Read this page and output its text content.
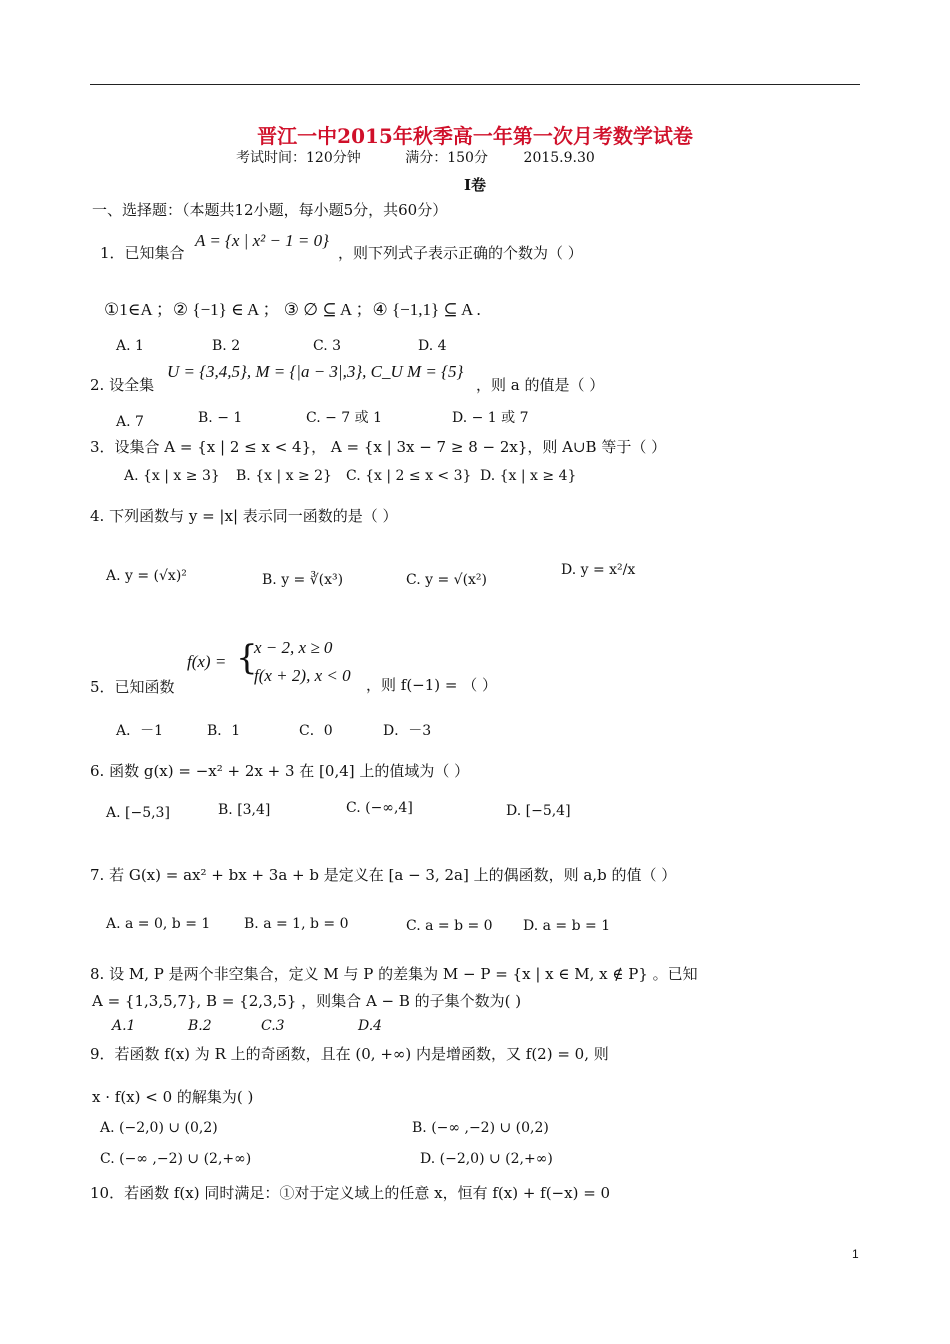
晋江一中2015年秋季高一年第一次月考数学试卷
考试时间：120分钟          满分：150分        2015.9.30
I卷
一、选择题：（本题共12小题，每小题5分，共60分）
1．已知集合
A = {x | x² − 1 = 0}
，则下列式子表示正确的个数为（ ）
①1∈A ；② {−1} ∈ A ； ③ ∅ ⊆ A ；④ {−1,1} ⊆ A .
A. 1	B. 2	C. 3	D. 4
2. 设全集
U = {3,4,5}, M = {|a − 3|,3}, C_U M = {5}
，则 a 的值是（ ）
A. 7	B. − 1	C. − 7 或 1	D. − 1 或 7
3．设集合 A = {x | 2 ≤ x < 4}， A = {x | 3x − 7 ≥ 8 − 2x}，则 A∪B 等于（ ）
A. {x | x ≥ 3} B. {x | x ≥ 2} C. {x | 2 ≤ x < 3} D. {x | x ≥ 4}
4. 下列函数与 y = |x| 表示同一函数的是（ ）
A. y = (√x)²	B. y = ∛(x³)	C. y = √(x²)
D. y = x²/x
5．已知函数
f(x) = {
x − 2, x ≥ 0
f(x + 2), x < 0 ，则 f(−1) = （ ）
A．－1	B．1	C．0	D．－3
6. 函数 g(x) = −x² + 2x + 3 在 [0,4] 上的值域为（ ）
A. [−5,3]	B. [3,4]	C. (−∞,4]	D. [−5,4]
7. 若 G(x) = ax² + bx + 3a + b 是定义在 [a − 3, 2a] 上的偶函数，则 a,b 的值（ ）
A. a = 0, b = 1 B. a = 1, b = 0	C. a = b = 0 D. a = b = 1
8. 设 M, P 是两个非空集合，定义 M 与 P 的差集为 M − P = {x | x ∈ M, x ∉ P} 。已知
A = {1,3,5,7}, B = {2,3,5} ，则集合 A − B 的子集个数为( )
A.1	B.2	C.3	D.4
9．若函数 f(x) 为 R 上的奇函数，且在 (0, +∞) 内是增函数，又 f(2) = 0, 则
x · f(x) < 0 的解集为( )
A. (−2,0) ∪ (0,2)	B. (−∞ ,−2) ∪ (0,2)
C. (−∞ ,−2) ∪ (2,+∞)	D. (−2,0) ∪ (2,+∞)
10．若函数 f(x) 同时满足：①对于定义域上的任意 x，恒有 f(x) + f(−x) = 0
1
